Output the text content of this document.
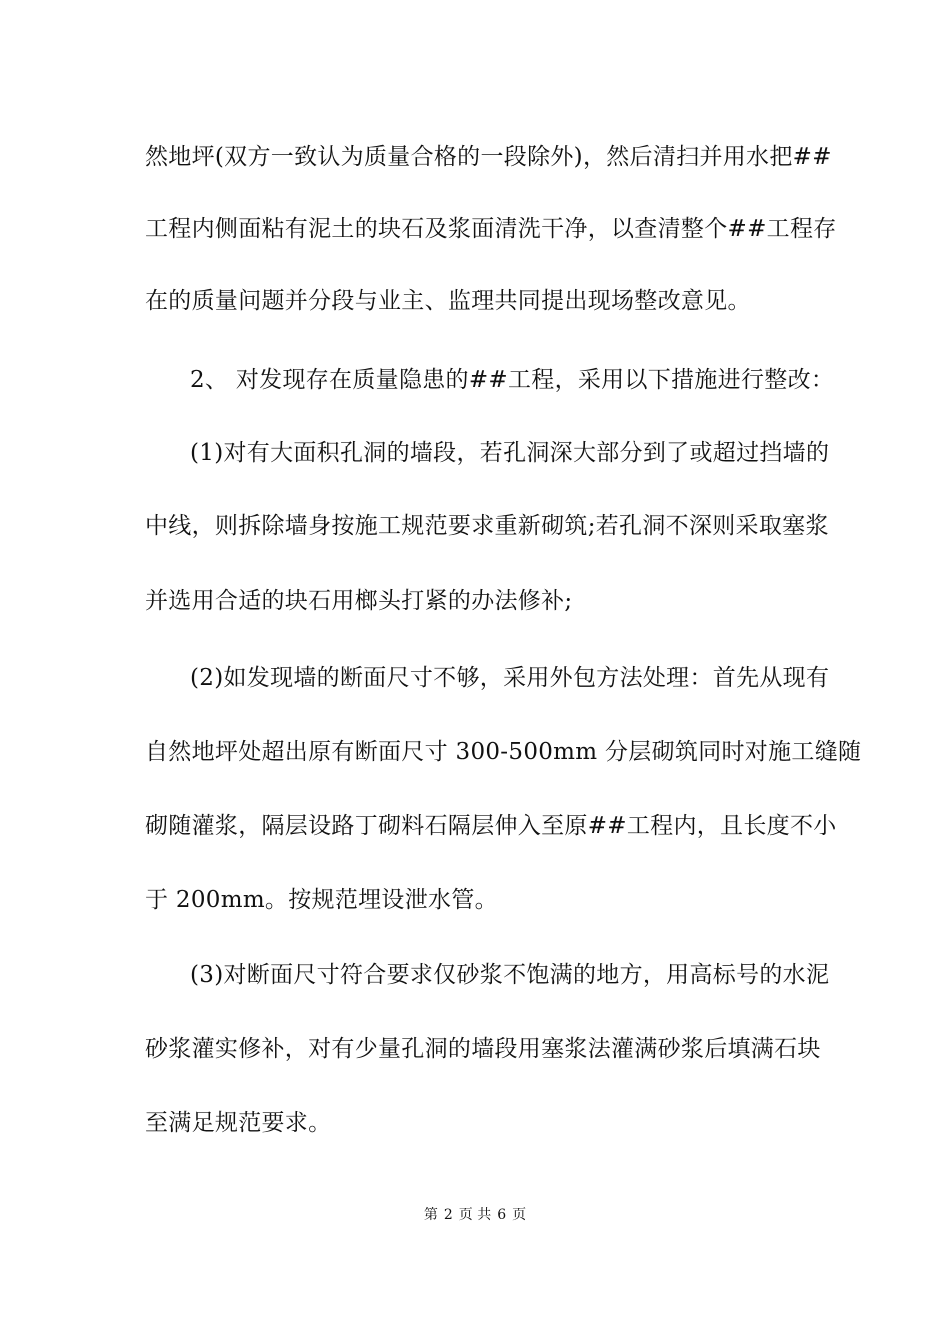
然地坪(双方一致认为质量合格的一段除外)，然后清扫并用水把##
工程内侧面粘有泥土的块石及浆面清洗干净，以查清整个##工程存
在的质量问题并分段与业主、监理共同提出现场整改意见。
2、 对发现存在质量隐患的##工程，采用以下措施进行整改：
(1)对有大面积孔洞的墙段，若孔洞深大部分到了或超过挡墙的
中线，则拆除墙身按施工规范要求重新砌筑;若孔洞不深则采取塞浆
并选用合适的块石用榔头打紧的办法修补;
(2)如发现墙的断面尺寸不够，采用外包方法处理：首先从现有
自然地坪处超出原有断面尺寸 300-500mm 分层砌筑同时对施工缝随
砌随灌浆，隔层设路丁砌料石隔层伸入至原##工程内，且长度不小
于 200mm。按规范埋设泄水管。
(3)对断面尺寸符合要求仅砂浆不饱满的地方，用高标号的水泥
砂浆灌实修补，对有少量孔洞的墙段用塞浆法灌满砂浆后填满石块
至满足规范要求。
第 2 页 共 6 页
